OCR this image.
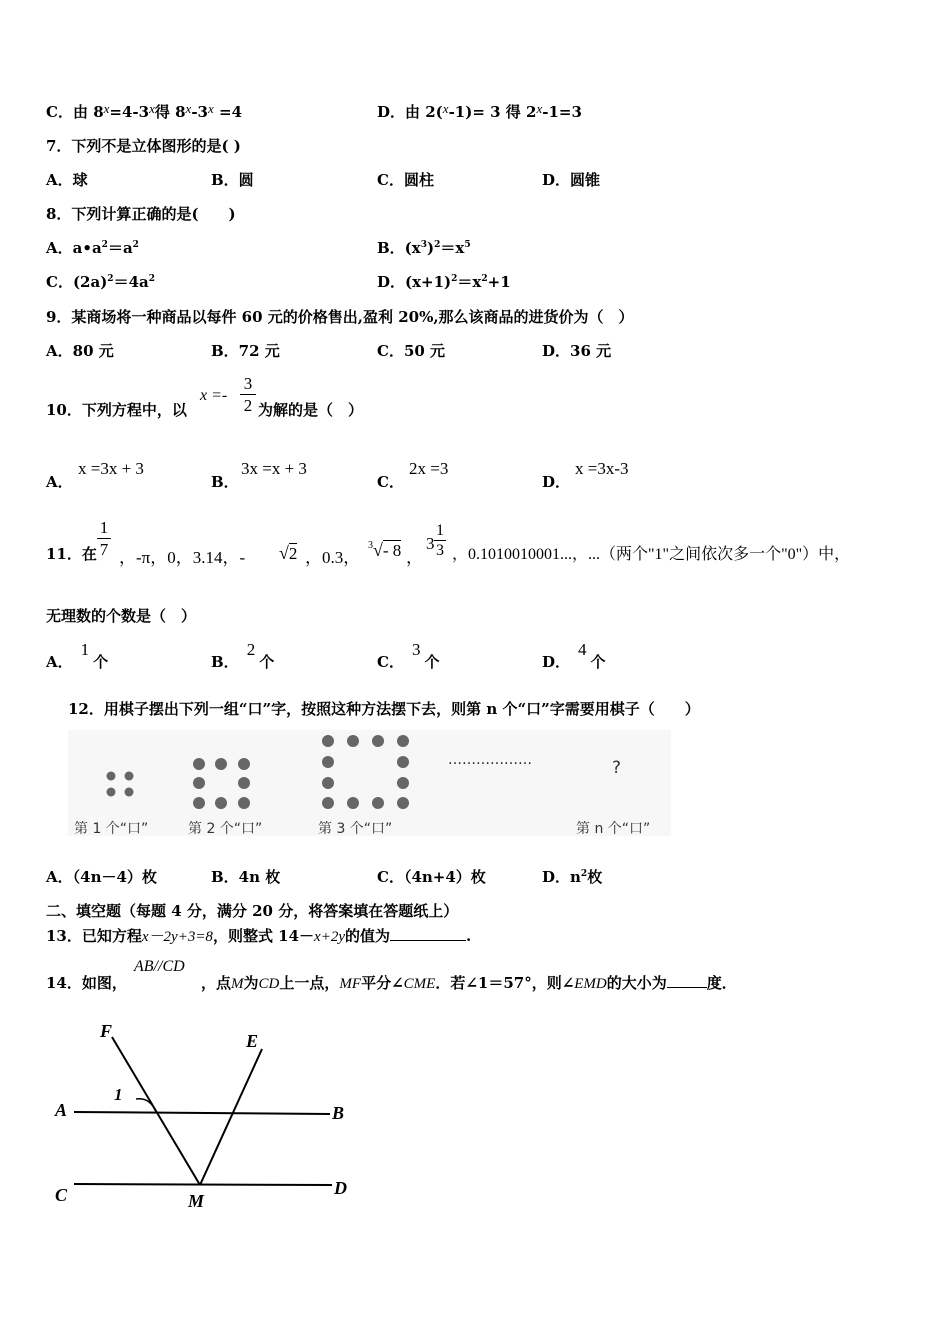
C．由 $8^x=4-3^x$得 $8^x-3^x =4$	D．由 2($^x$-1)= 3 得 $2^x-1=3$
7．下列不是立体图形的是( )
A．球	B．圆	C．圆柱	D．圆锥
8．下列计算正确的是(　　)
A．$a•a^2=a^2$	B．$(x^3)^2=x^5$
C．$(2a)^2=4a^2$	D．$(x+1)^2=x^2+1$
9．某商场将一种商品以每件 60 元的价格售出,盈利 20%,那么该商品的进货价为（　）
A．80 元	B．72 元	C．50 元	D．36 元
10．下列方程中，以
x =-
3
2 为解的是（　）
A．
x =3x + 3
B．
3x =x + 3
C．
2x =3
D．
x =3x-3
11．在
1
7 ，-π，0，3.14，- √2 ，0.3，
$^3$√- 8 ，
3
1
3 ，0.1010010001...，...（两个"1"之间依次多一个"0"）中，
无理数的个数是（　）
A．1个	B．2个	C．3个	D．4个
12．用棋子摆出下列一组“口”字，按照这种方法摆下去，则第 n 个“口”字需要用棋子（　　）
………………	?
第 1 个“口”	第 2 个“口”	第 3 个“口”	第 n 个“口”
A．（4n－4）枚	B．4n 枚	C．（4n+4）枚	D．$n^2$枚
二、填空题（每题 4 分，满分 20 分，将答案填在答题纸上）
13．已知方程x－2y+3=8，则整式 14－x+2y的值为	.
14．如图，
AB//CD
，点M为CD上一点，MF平分∠CME．若∠1＝57°，则∠EMD的大小为	度．
F	E
A	B
C	D
M
1
